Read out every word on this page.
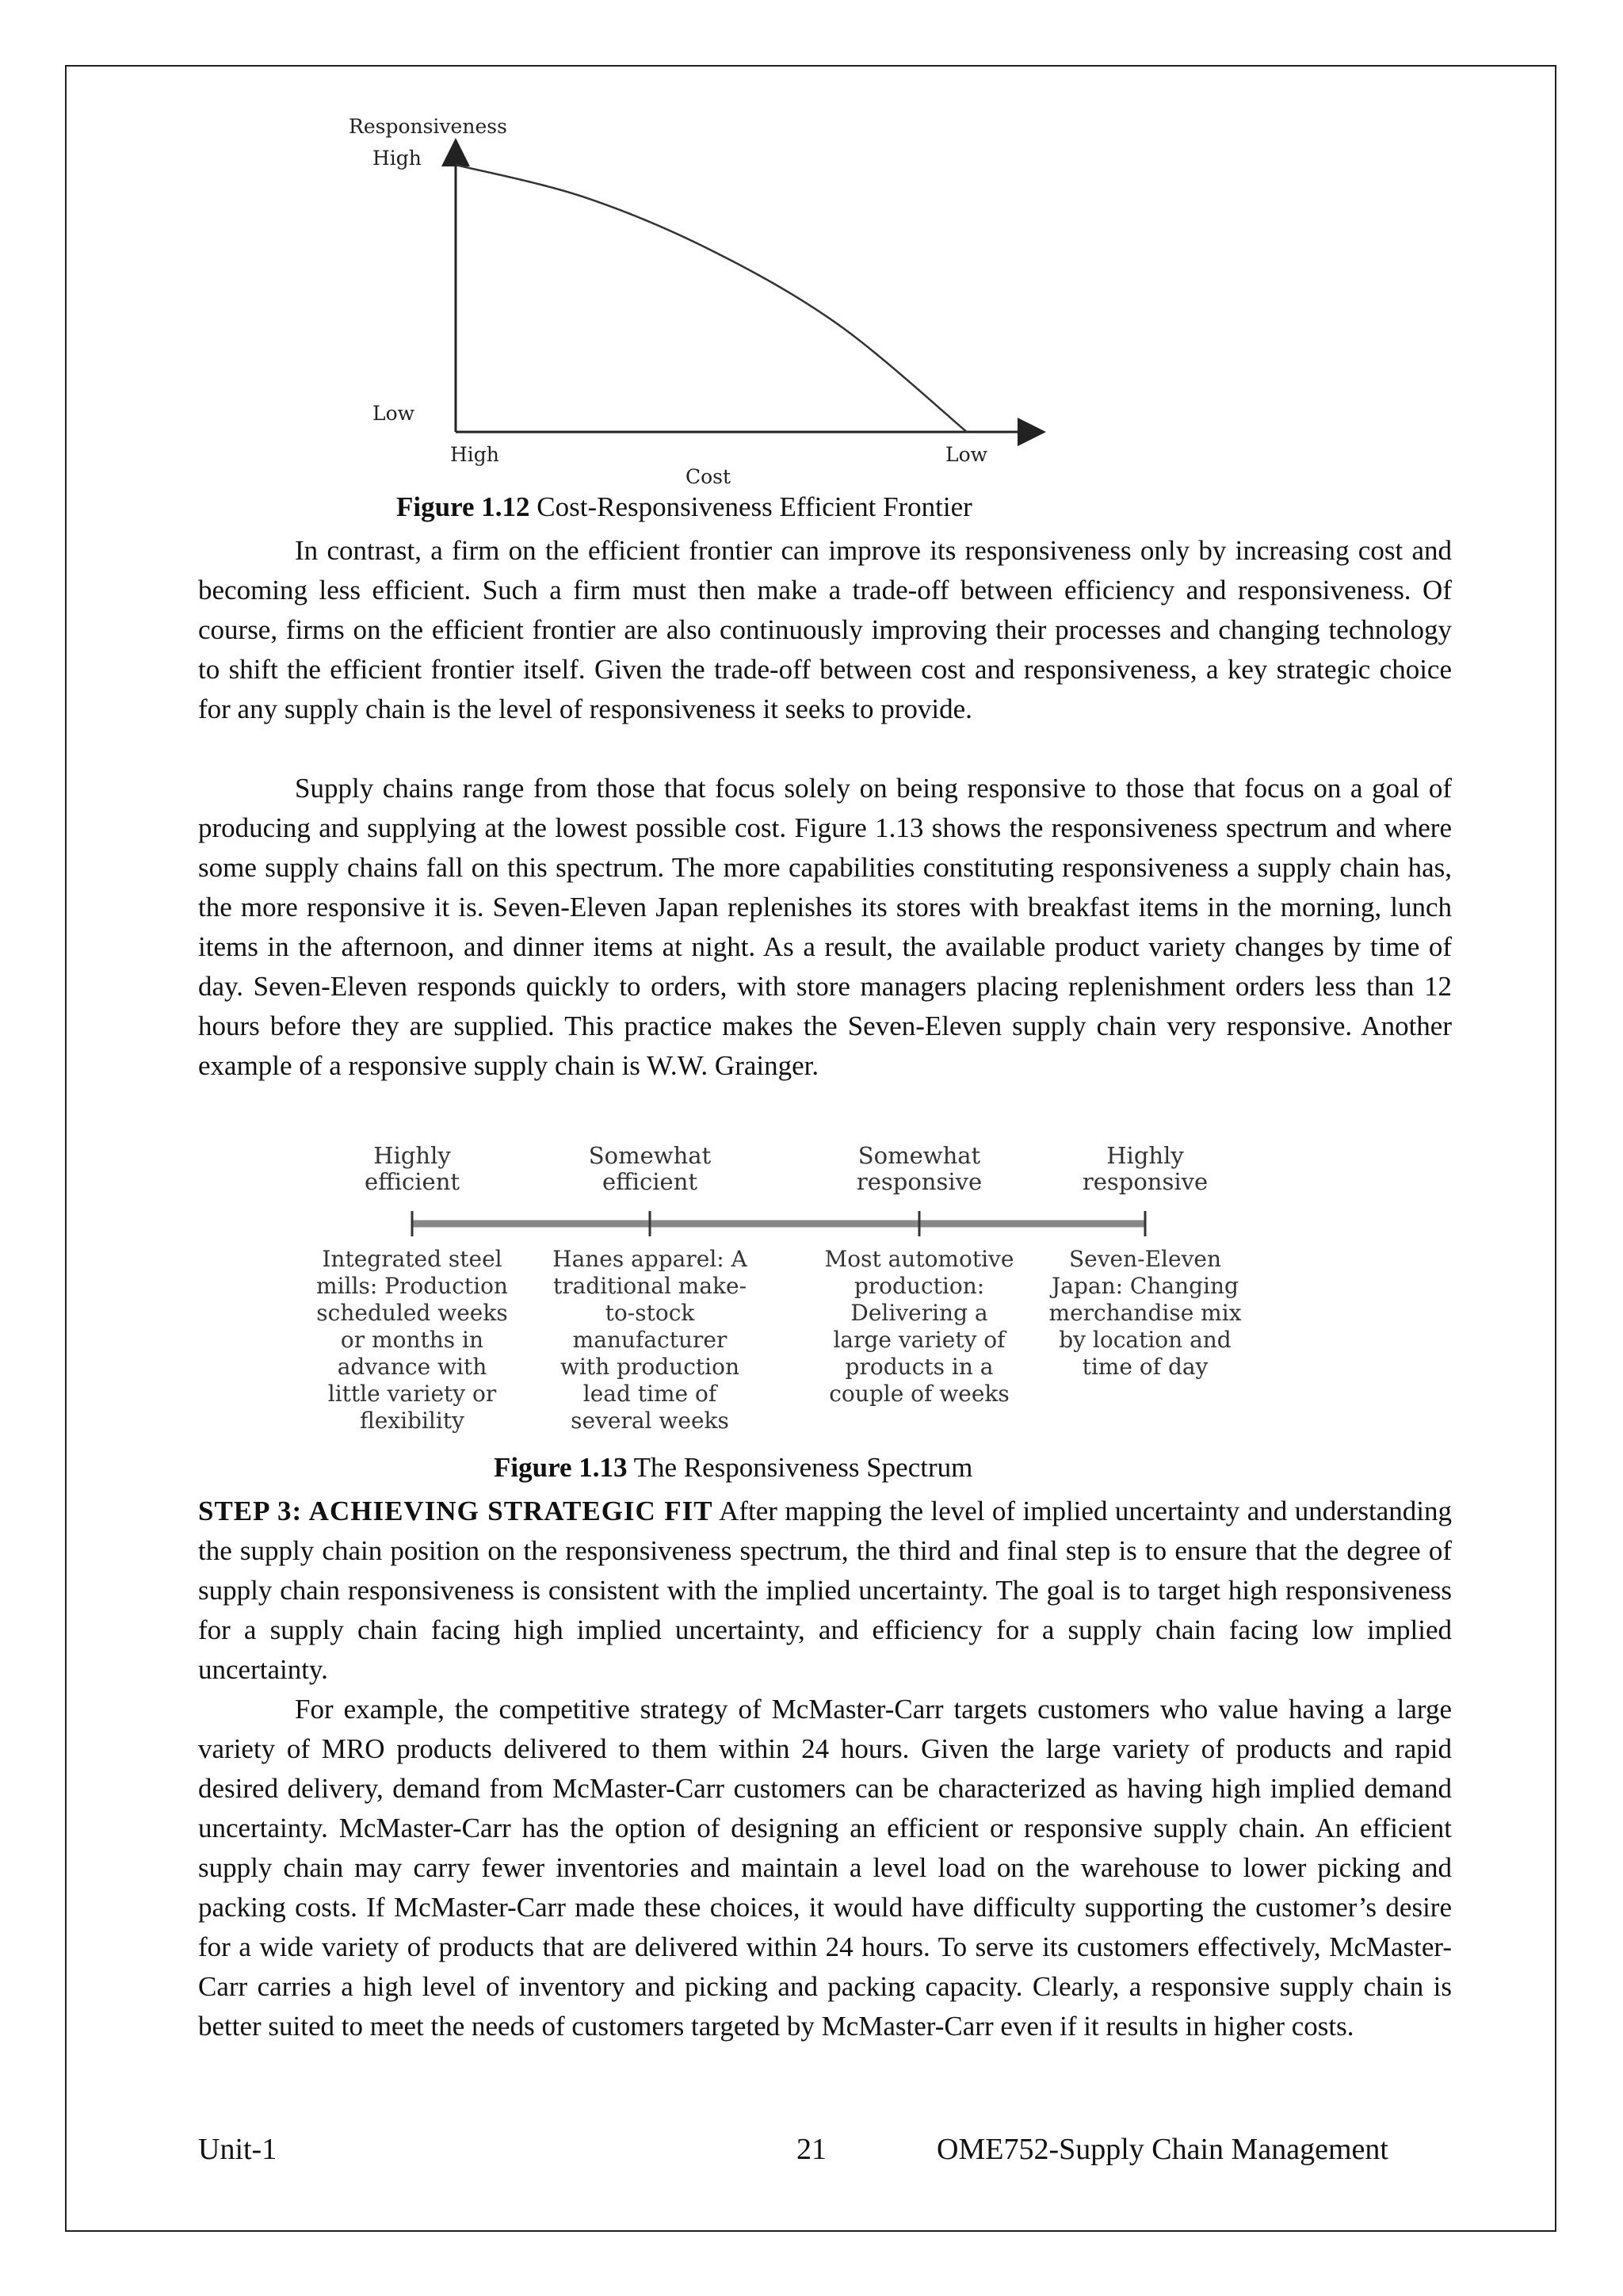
Responsiveness
High
Low
High	Low
Cost
Figure 1.12 Cost-Responsiveness Efficient Frontier

In contrast, a firm on the efficient frontier can improve its responsiveness only by increasing cost and becoming less efficient. Such a firm must then make a trade-off between efficiency and responsiveness. Of course, firms on the efficient frontier are also continuously improving their processes and changing technology to shift the efficient frontier itself. Given the trade-off between cost and responsiveness, a key strategic choice for any supply chain is the level of responsiveness it seeks to provide.

Supply chains range from those that focus solely on being responsive to those that focus on a goal of producing and supplying at the lowest possible cost. Figure 1.13 shows the responsiveness spectrum and where some supply chains fall on this spectrum. The more capabilities constituting responsiveness a supply chain has, the more responsive it is. Seven-Eleven Japan replenishes its stores with breakfast items in the morning, lunch items in the afternoon, and dinner items at night. As a result, the available product variety changes by time of day. Seven-Eleven responds quickly to orders, with store managers placing replenishment orders less than 12 hours before they are supplied. This practice makes the Seven-Eleven supply chain very responsive. Another example of a responsive supply chain is W.W. Grainger.

Highly efficient
Somewhat efficient
Somewhat responsive
Highly responsive
Integrated steel mills: Production scheduled weeks or months in advance with little variety or flexibility
Hanes apparel: A traditional make-to-stock manufacturer with production lead time of several weeks
Most automotive production: Delivering a large variety of products in a couple of weeks
Seven-Eleven Japan: Changing merchandise mix by location and time of day
Figure 1.13 The Responsiveness Spectrum

STEP 3: ACHIEVING STRATEGIC FIT After mapping the level of implied uncertainty and understanding the supply chain position on the responsiveness spectrum, the third and final step is to ensure that the degree of supply chain responsiveness is consistent with the implied uncertainty. The goal is to target high responsiveness for a supply chain facing high implied uncertainty, and efficiency for a supply chain facing low implied uncertainty.

For example, the competitive strategy of McMaster-Carr targets customers who value having a large variety of MRO products delivered to them within 24 hours. Given the large variety of products and rapid desired delivery, demand from McMaster-Carr customers can be characterized as having high implied demand uncertainty. McMaster-Carr has the option of designing an efficient or responsive supply chain. An efficient supply chain may carry fewer inventories and maintain a level load on the warehouse to lower picking and packing costs. If McMaster-Carr made these choices, it would have difficulty supporting the customer’s desire for a wide variety of products that are delivered within 24 hours. To serve its customers effectively, McMaster-Carr carries a high level of inventory and picking and packing capacity. Clearly, a responsive supply chain is better suited to meet the needs of customers targeted by McMaster-Carr even if it results in higher costs.

Unit-1	21	OME752-Supply Chain Management
